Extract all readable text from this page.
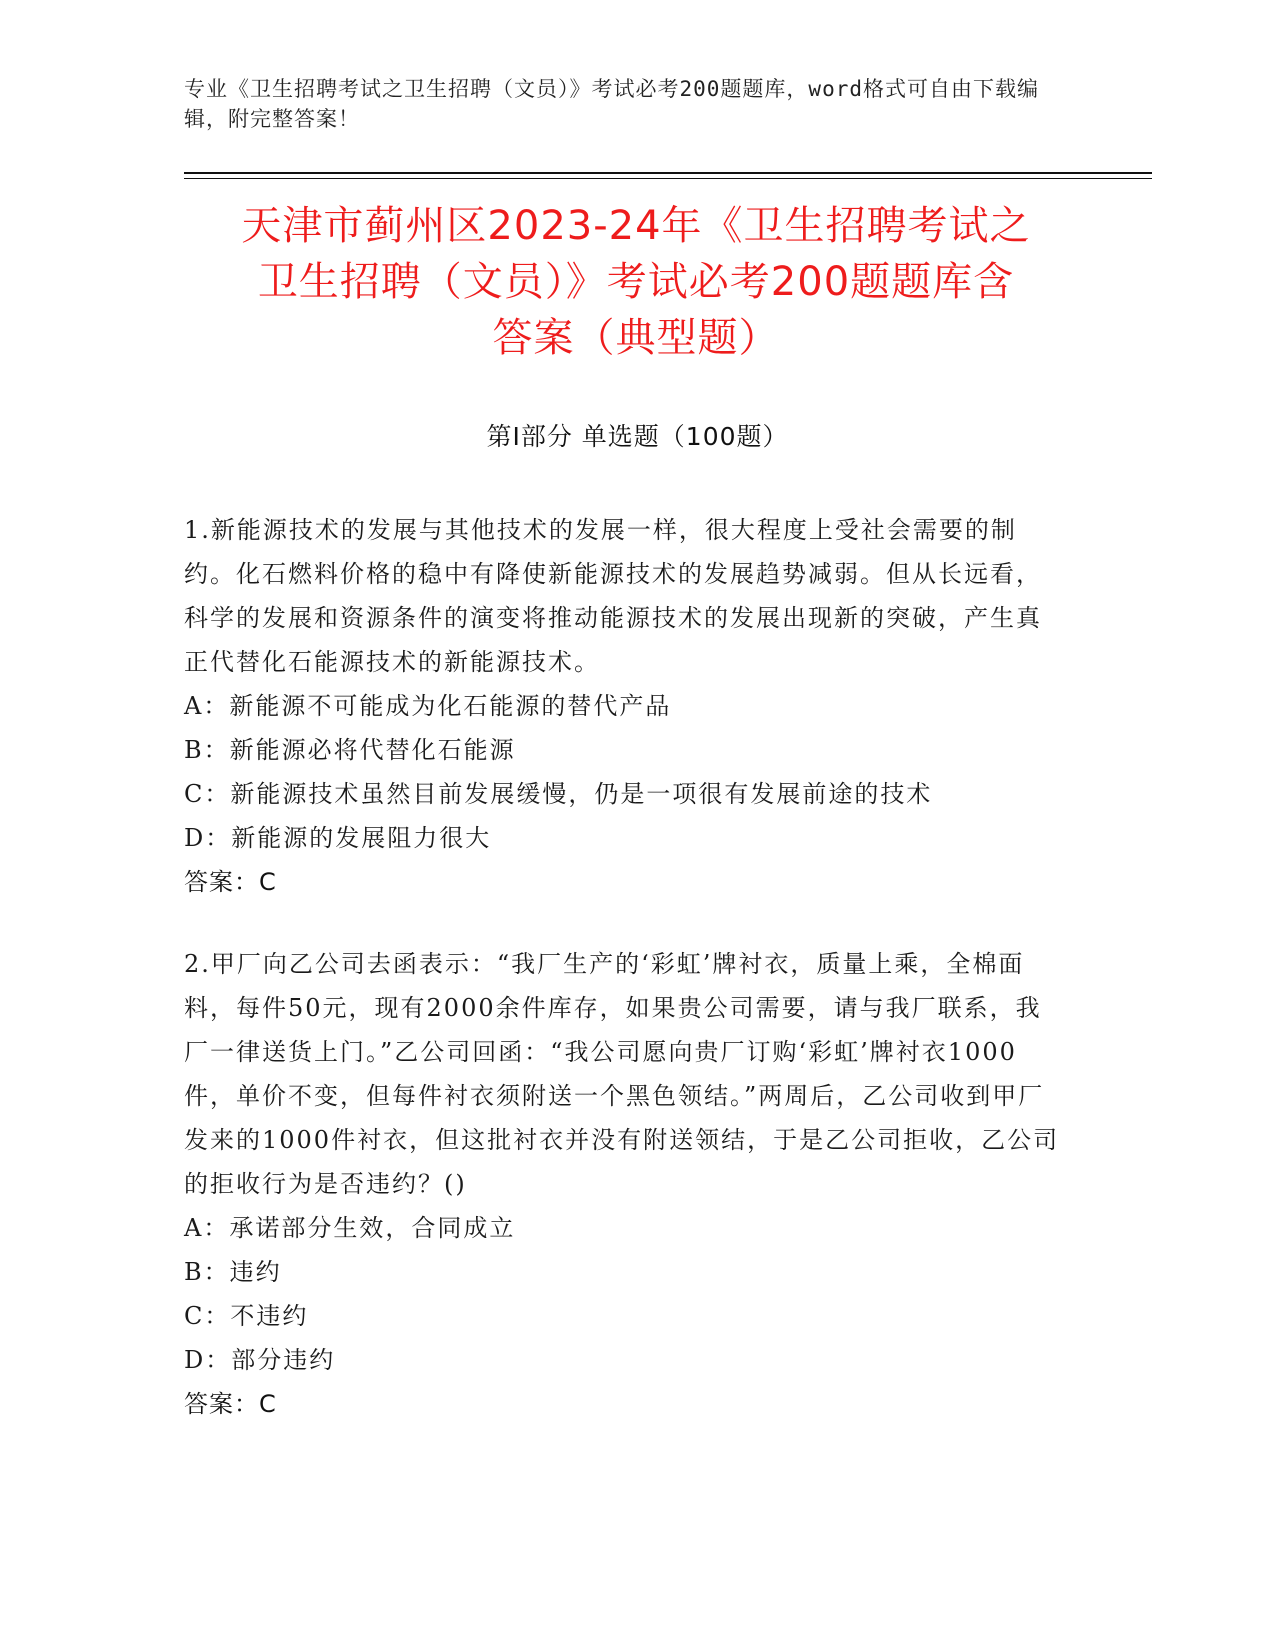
专业《卫生招聘考试之卫生招聘（文员）》考试必考200题题库，word格式可自由下载编辑，附完整答案！
天津市蓟州区2023-24年《卫生招聘考试之
卫生招聘（文员）》考试必考200题题库含
答案（典型题）
第I部分 单选题（100题）

1.新能源技术的发展与其他技术的发展一样，很大程度上受社会需要的制约。化石燃料价格的稳中有降使新能源技术的发展趋势减弱。但从长远看，科学的发展和资源条件的演变将推动能源技术的发展出现新的突破，产生真正代替化石能源技术的新能源技术。

A：新能源不可能成为化石能源的替代产品

B：新能源必将代替化石能源

C：新能源技术虽然目前发展缓慢，仍是一项很有发展前途的技术

D：新能源的发展阻力很大

答案：C

2.甲厂向乙公司去函表示：“我厂生产的‘彩虹’牌衬衣，质量上乘，全棉面料，每件50元，现有2000余件库存，如果贵公司需要，请与我厂联系，我厂一律送货上门。”乙公司回函：“我公司愿向贵厂订购‘彩虹’牌衬衣1000件，单价不变，但每件衬衣须附送一个黑色领结。”两周后，乙公司收到甲厂发来的1000件衬衣，但这批衬衣并没有附送领结，于是乙公司拒收，乙公司的拒收行为是否违约？()

A：承诺部分生效，合同成立

B：违约

C：不违约

D：部分违约

答案：C
